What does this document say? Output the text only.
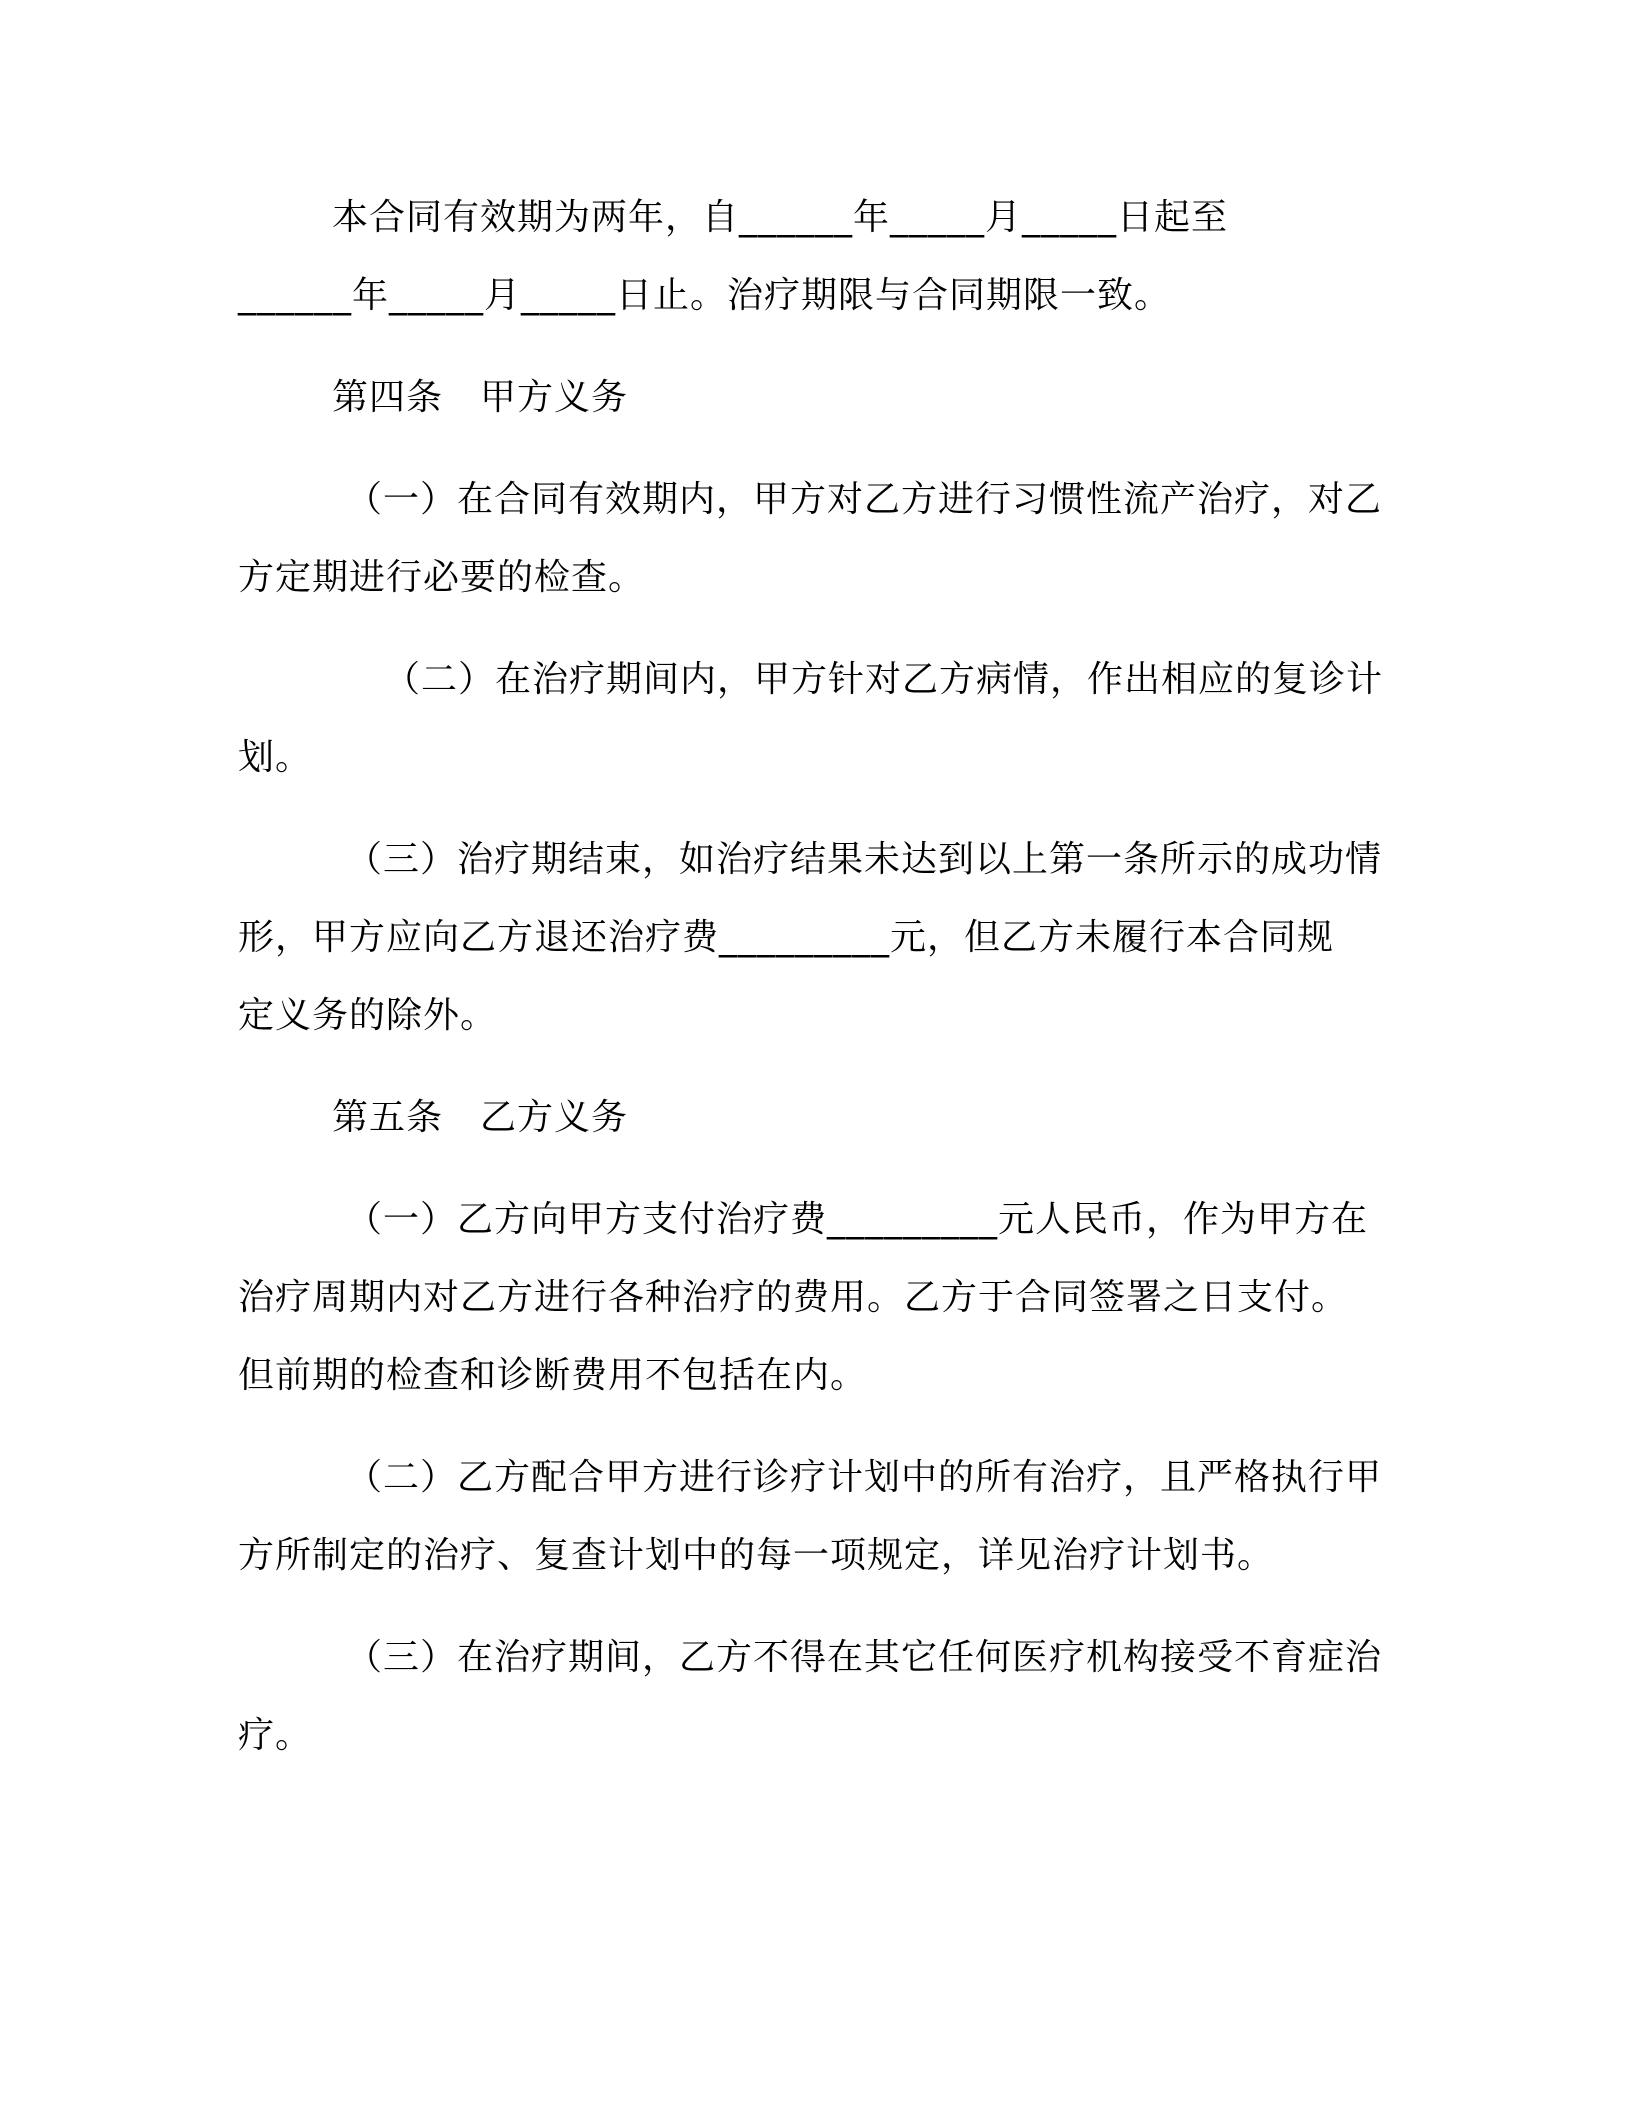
本合同有效期为两年，自______年_____月_____日起至
______年_____月_____日止。治疗期限与合同期限一致。
第四条　甲方义务
（一）在合同有效期内，甲方对乙方进行习惯性流产治疗，对乙
方定期进行必要的检查。
（二）在治疗期间内，甲方针对乙方病情，作出相应的复诊计
划。
（三）治疗期结束，如治疗结果未达到以上第一条所示的成功情
形，甲方应向乙方退还治疗费_________元，但乙方未履行本合同规
定义务的除外。
第五条　乙方义务
（一）乙方向甲方支付治疗费_________元人民币，作为甲方在
治疗周期内对乙方进行各种治疗的费用。乙方于合同签署之日支付。
但前期的检查和诊断费用不包括在内。
（二）乙方配合甲方进行诊疗计划中的所有治疗，且严格执行甲
方所制定的治疗、复查计划中的每一项规定，详见治疗计划书。
（三）在治疗期间，乙方不得在其它任何医疗机构接受不育症治
疗。
